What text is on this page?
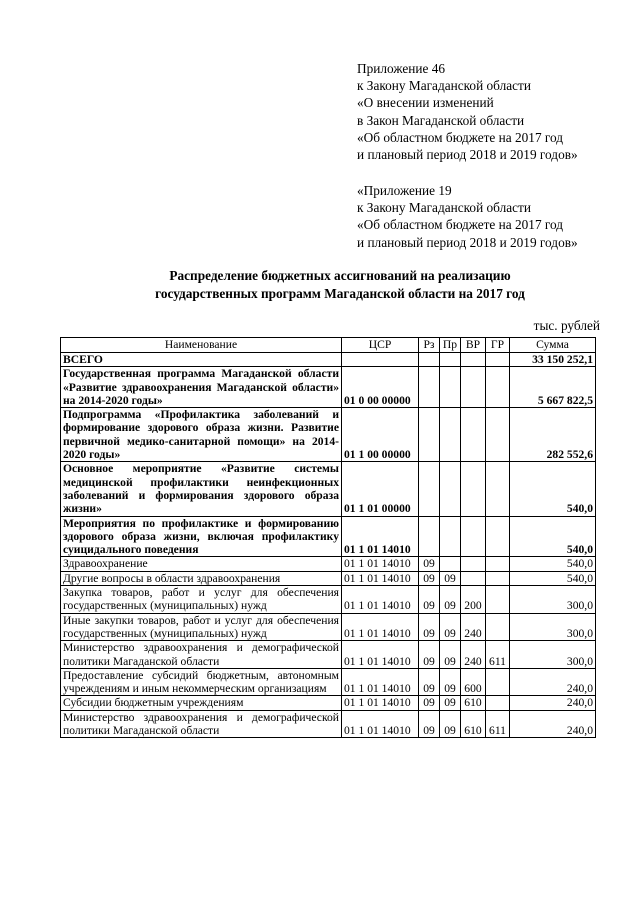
Приложение 46
к Закону Магаданской области
«О внесении изменений
в Закон Магаданской области
«Об областном бюджете на 2017 год
и плановый период 2018 и 2019 годов»
«Приложение 19
к Закону Магаданской области
«Об областном бюджете на 2017 год
и плановый период 2018 и 2019 годов»
Распределение бюджетных ассигнований на реализацию
государственных программ Магаданской области на 2017 год
тыс. рублей
Наименование	ЦСР	Рз	Пр	ВР	ГР	Сумма
ВСЕГО						33 150 252,1
Государственная программа Магаданской области «Развитие здравоохранения Магаданской области» на 2014-2020 годы»	01 0 00 00000					5 667 822,5
Подпрограмма «Профилактика заболеваний и формирование здорового образа жизни. Развитие первичной медико-санитарной помощи» на 2014-2020 годы»	01 1 00 00000					282 552,6
Основное мероприятие «Развитие системы медицинской профилактики неинфекционных заболеваний и формирования здорового образа жизни»	01 1 01 00000					540,0
Мероприятия по профилактике и формированию здорового образа жизни, включая профилактику суицидального поведения	01 1 01 14010					540,0
Здравоохранение	01 1 01 14010	09				540,0
Другие вопросы в области здравоохранения	01 1 01 14010	09	09			540,0
Закупка товаров, работ и услуг для обеспечения государственных (муниципальных) нужд	01 1 01 14010	09	09	200		300,0
Иные закупки товаров, работ и услуг для обеспечения государственных (муниципальных) нужд	01 1 01 14010	09	09	240		300,0
Министерство здравоохранения и демографической политики Магаданской области	01 1 01 14010	09	09	240	611	300,0
Предоставление субсидий бюджетным, автономным учреждениям и иным некоммерческим организациям	01 1 01 14010	09	09	600		240,0
Субсидии бюджетным учреждениям	01 1 01 14010	09	09	610		240,0
Министерство здравоохранения и демографической политики Магаданской области	01 1 01 14010	09	09	610	611	240,0
